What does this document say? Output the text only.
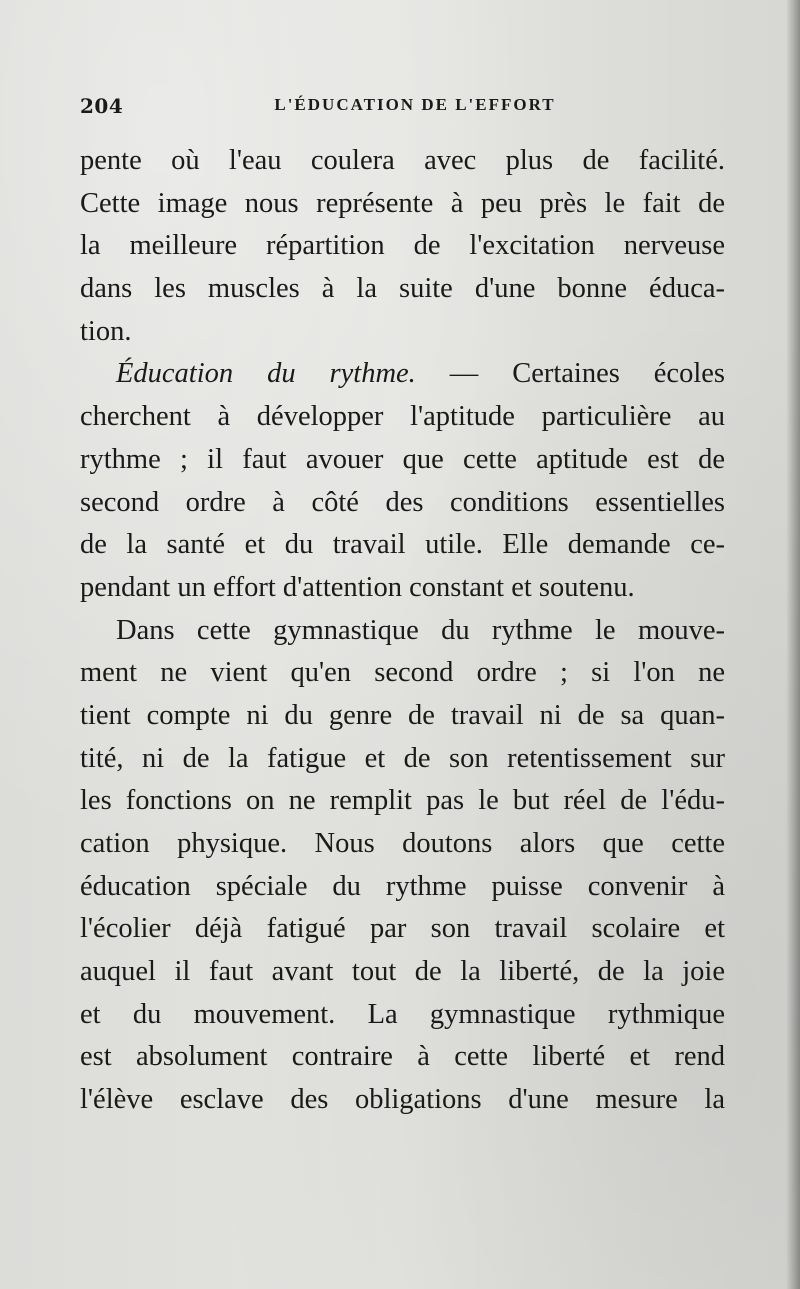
204	L'ÉDUCATION DE L'EFFORT
pente où l'eau coulera avec plus de facilité.
Cette image nous représente à peu près le fait de
la meilleure répartition de l'excitation nerveuse
dans les muscles à la suite d'une bonne éduca-
tion.
Éducation du rythme. — Certaines écoles
cherchent à développer l'aptitude particulière au
rythme ; il faut avouer que cette aptitude est de
second ordre à côté des conditions essentielles
de la santé et du travail utile. Elle demande ce-
pendant un effort d'attention constant et soutenu.
Dans cette gymnastique du rythme le mouve-
ment ne vient qu'en second ordre ; si l'on ne
tient compte ni du genre de travail ni de sa quan-
tité, ni de la fatigue et de son retentissement sur
les fonctions on ne remplit pas le but réel de l'édu-
cation physique. Nous doutons alors que cette
éducation spéciale du rythme puisse convenir à
l'écolier déjà fatigué par son travail scolaire et
auquel il faut avant tout de la liberté, de la joie
et du mouvement. La gymnastique rythmique
est absolument contraire à cette liberté et rend
l'élève esclave des obligations d'une mesure la
